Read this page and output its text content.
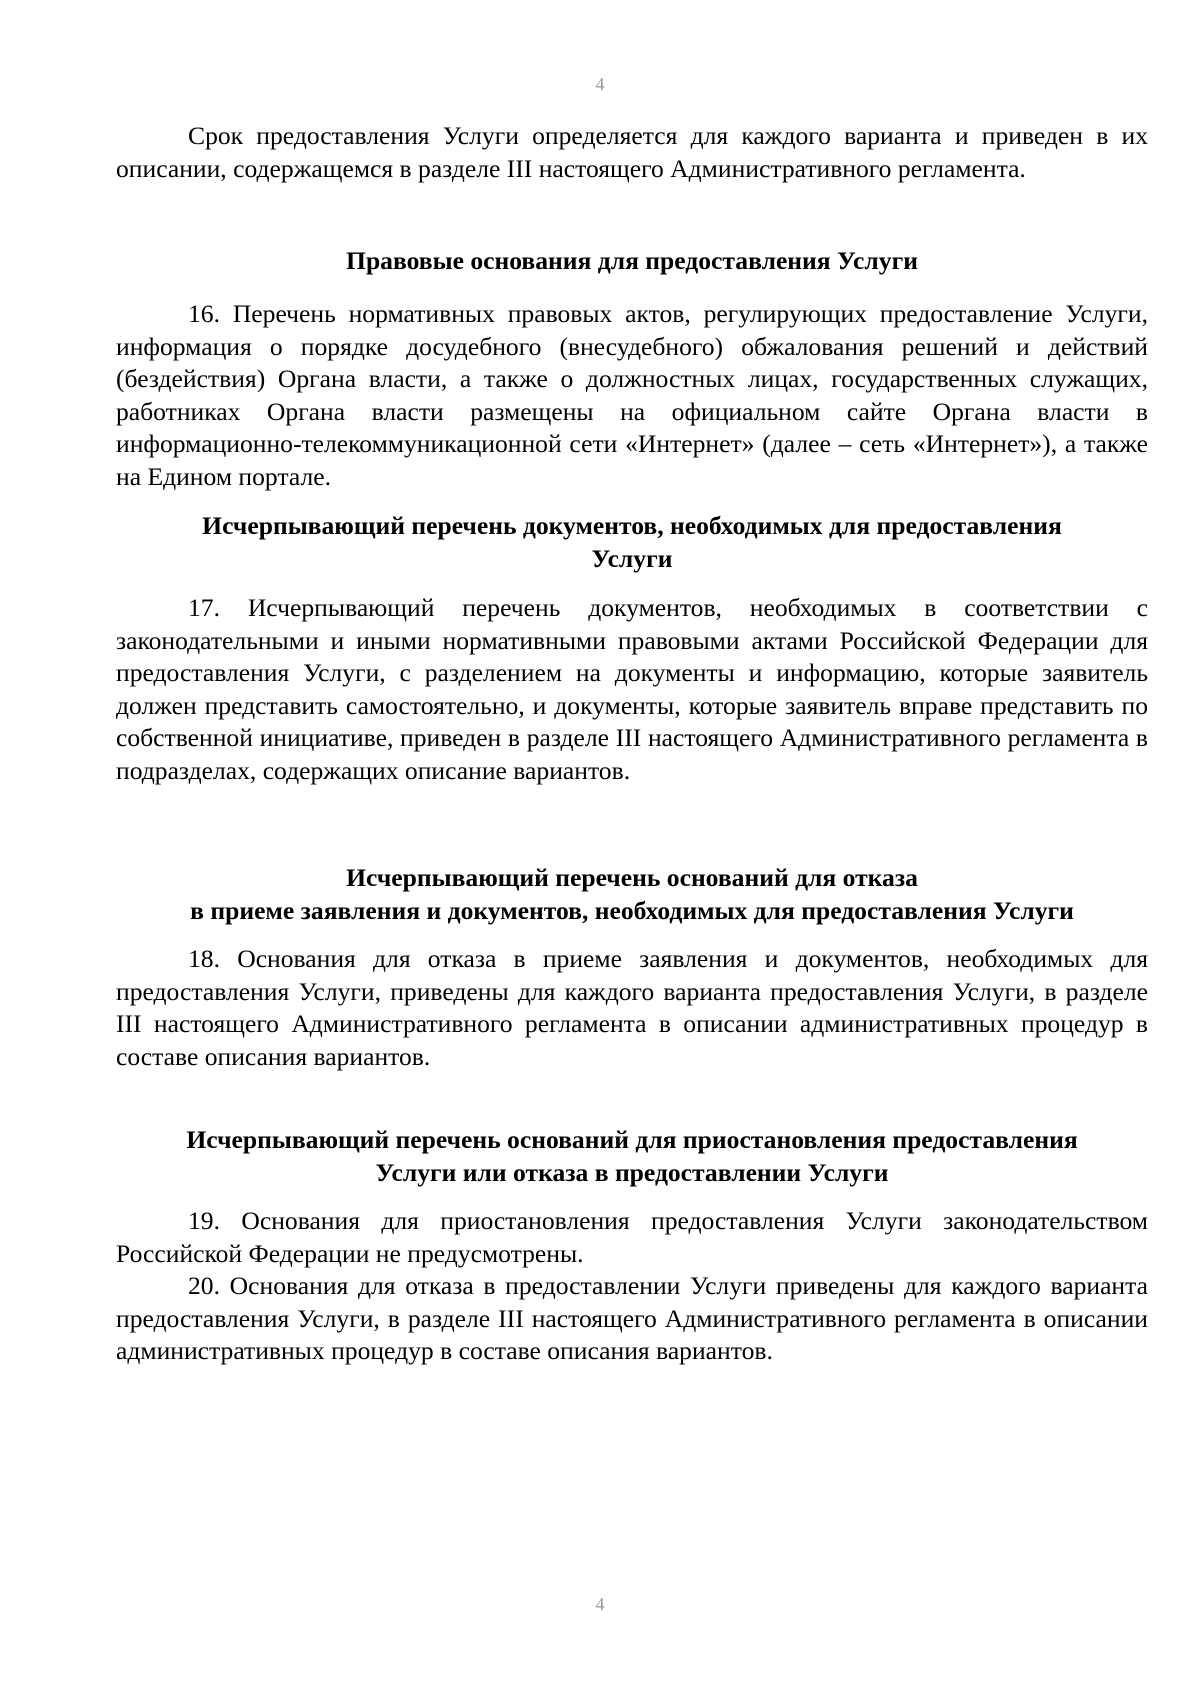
4

Срок предоставления Услуги определяется для каждого варианта и приведен в их описании, содержащемся в разделе III настоящего Административного регламента.

Правовые основания для предоставления Услуги

16. Перечень нормативных правовых актов, регулирующих предоставление Услуги, информация о порядке досудебного (внесудебного) обжалования решений и действий (бездействия) Органа власти, а также о должностных лицах, государственных служащих, работниках Органа власти размещены на официальном сайте Органа власти в информационно-телекоммуникационной сети «Интернет» (далее – сеть «Интернет»), а также на Едином портале.

Исчерпывающий перечень документов, необходимых для предоставления

Услуги

17. Исчерпывающий перечень документов, необходимых в соответствии с законодательными и иными нормативными правовыми актами Российской Федерации для предоставления Услуги, с разделением на документы и информацию, которые заявитель должен представить самостоятельно, и документы, которые заявитель вправе представить по собственной инициативе, приведен в разделе III настоящего Административного регламента в подразделах, содержащих описание вариантов.

Исчерпывающий перечень оснований для отказа

в приеме заявления и документов, необходимых для предоставления Услуги

18. Основания для отказа в приеме заявления и документов, необходимых для предоставления Услуги, приведены для каждого варианта предоставления Услуги, в разделе III настоящего Административного регламента в описании административных процедур в составе описания вариантов.

Исчерпывающий перечень оснований для приостановления предоставления

Услуги или отказа в предоставлении Услуги

19. Основания для приостановления предоставления Услуги законодательством Российской Федерации не предусмотрены.

20. Основания для отказа в предоставлении Услуги приведены для каждого варианта предоставления Услуги, в разделе III настоящего Административного регламента в описании административных процедур в составе описания вариантов.

4
